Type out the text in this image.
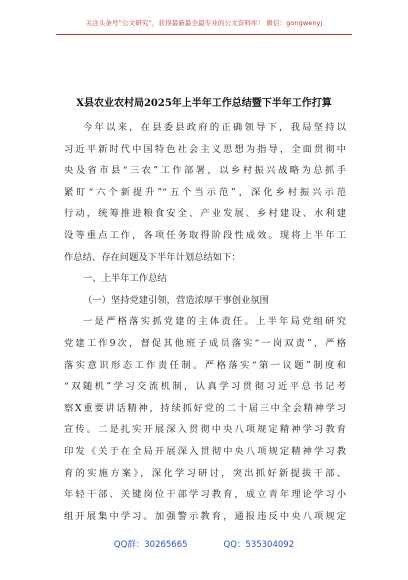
关注头条号“公文研究”，获得最新最全最专业的公文资料库！ 微信：gongwenyj
X县农业农村局2025年上半年工作总结暨下半年工作打算
今年以来，在县委县政府的正确领导下，我局坚持以
习近平新时代中国特色社会主义思想为指导，全面贯彻中
央及省市县“三农”工作部署，以乡村振兴战略为总抓手
紧盯“六个新提升”“五个当示范”，深化乡村振兴示范
行动，统筹推进粮食安全、产业发展、乡村建设、水利建
设等重点工作，各项任务取得阶段性成效。现将上半年工
作总结、存在问题及下半年计划总结如下：
一、上半年工作总结
（一）坚持党建引领，营造浓厚干事创业氛围
一是严格落实抓党建的主体责任。上半年局党组研究
党建工作9次，督促其他班子成员落实“一岗双责”，严格
落实意识形态工作责任制。严格落实“第一议题”制度和
“双随机”学习交流机制，认真学习贯彻习近平总书记考
察X重要讲话精神，持续抓好党的二十届三中全会精神学习
宣传。二是扎实开展深入贯彻中央八项规定精神学习教育
印发《关于在全局开展深入贯彻中央八项规定精神学习教
育的实施方案》，深化学习研讨，突出抓好新提拔干部、
年轻干部、关键岗位干部学习教育，成立青年理论学习小
组开展集中学习。加强警示教育，通报违反中央八项规定
QQ群：30265665	QQ：535304092
